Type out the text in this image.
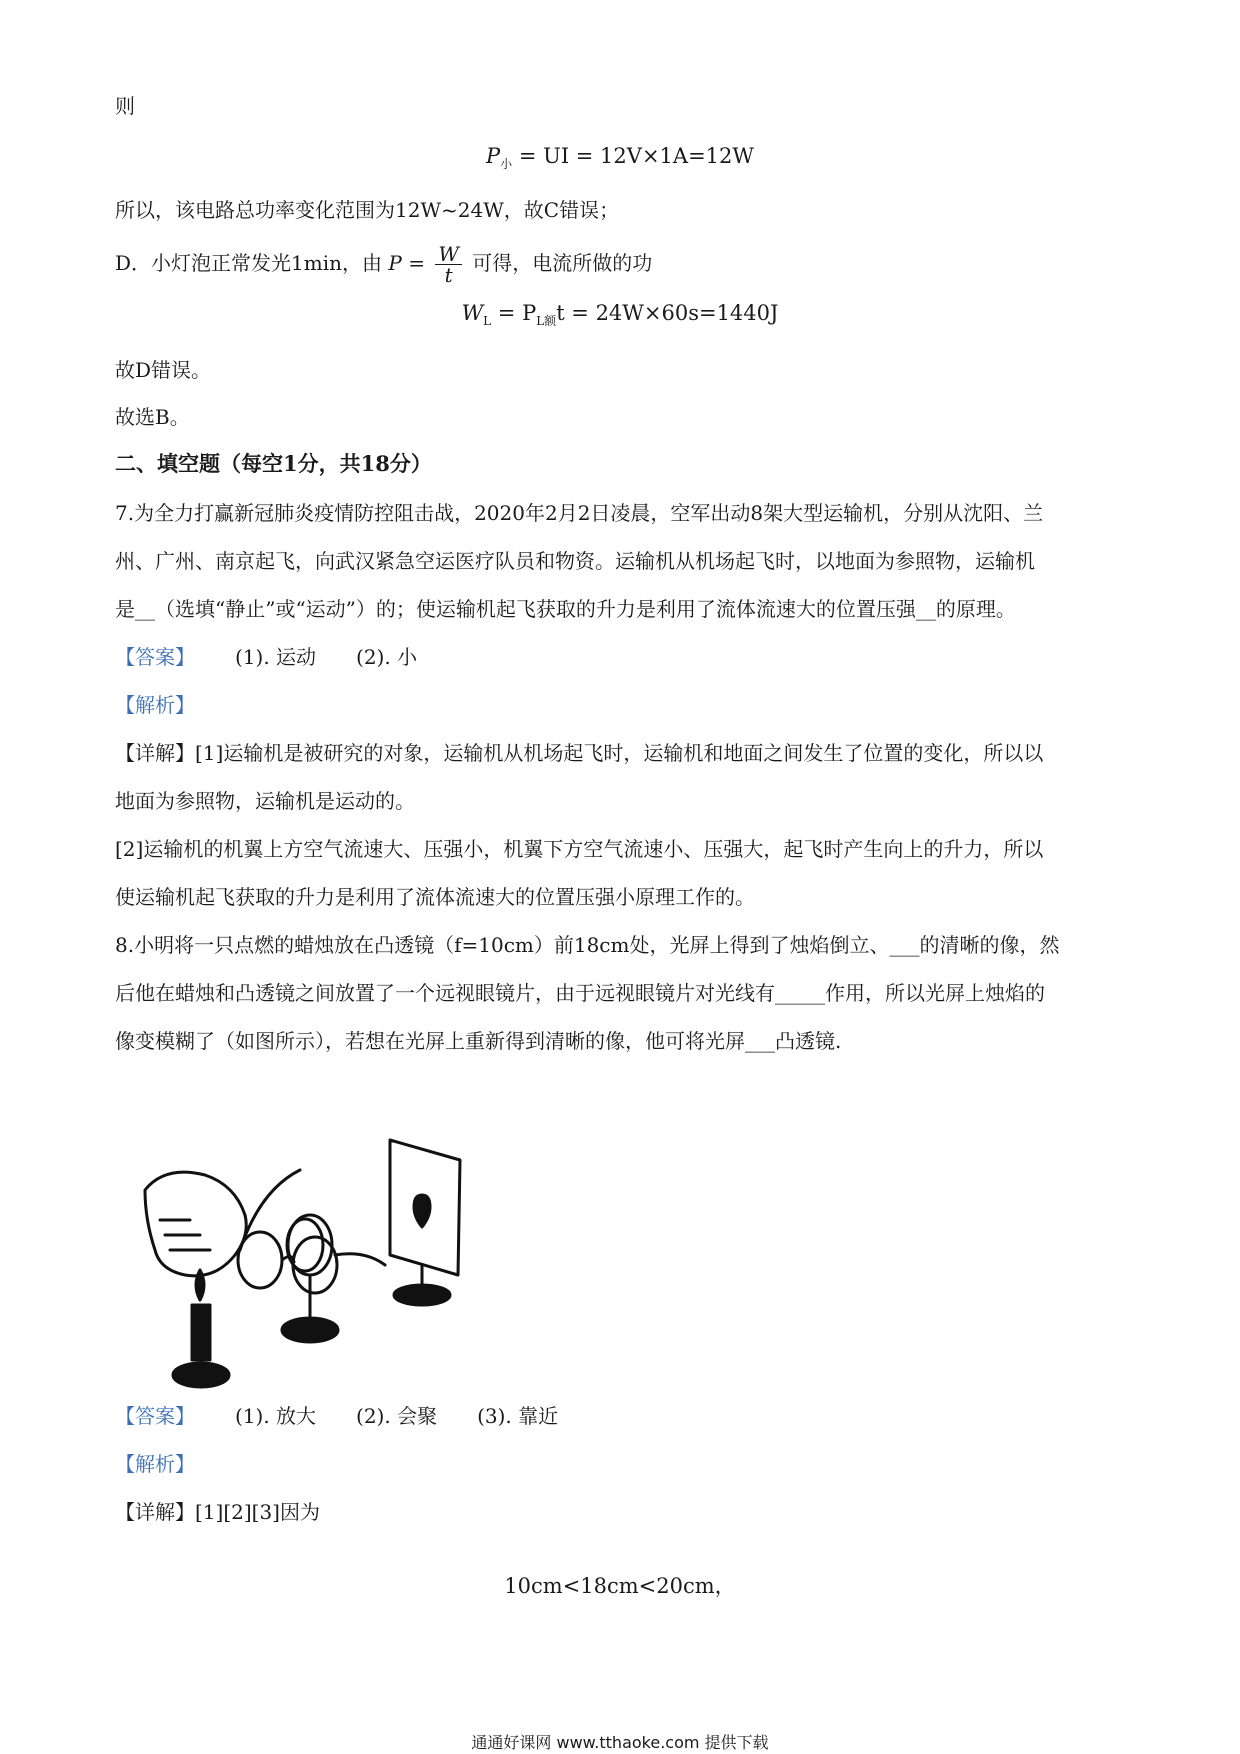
则
$P_小$ = UI = 12V×1A=12W
所以，该电路总功率变化范围为12W~24W，故C错误；
D．小灯泡正常发光1min，由 $P = \frac{W}{t}$ 可得，电流所做的功
$W_L = P_{L额}t = 24W\times 60s=1440J$
故D错误。
故选B。
二、填空题（每空1分，共18分）
7.为全力打赢新冠肺炎疫情防控阻击战，2020年2月2日凌晨，空军出动8架大型运输机，分别从沈阳、兰
州、广州、南京起飞，向武汉紧急空运医疗队员和物资。运输机从机场起飞时，以地面为参照物，运输机
是__（选填“静止”或“运动”）的；使运输机起飞获取的升力是利用了流体流速大的位置压强__的原理。
【答案】 (1). 运动 (2). 小
【解析】
【详解】[1]运输机是被研究的对象，运输机从机场起飞时，运输机和地面之间发生了位置的变化，所以以
地面为参照物，运输机是运动的。
[2]运输机的机翼上方空气流速大、压强小，机翼下方空气流速小、压强大，起飞时产生向上的升力，所以
使运输机起飞获取的升力是利用了流体流速大的位置压强小原理工作的。
8.小明将一只点燃的蜡烛放在凸透镜（f=10cm）前18cm处，光屏上得到了烛焰倒立、___的清晰的像，然
后他在蜡烛和凸透镜之间放置了一个远视眼镜片，由于远视眼镜片对光线有_____作用，所以光屏上烛焰的
像变模糊了（如图所示），若想在光屏上重新得到清晰的像，他可将光屏___凸透镜.
【答案】 (1). 放大 (2). 会聚 (3). 靠近
【解析】
【详解】[1][2][3]因为
10cm<18cm<20cm，
通通好课网 www.tthaoke.com 提供下载
